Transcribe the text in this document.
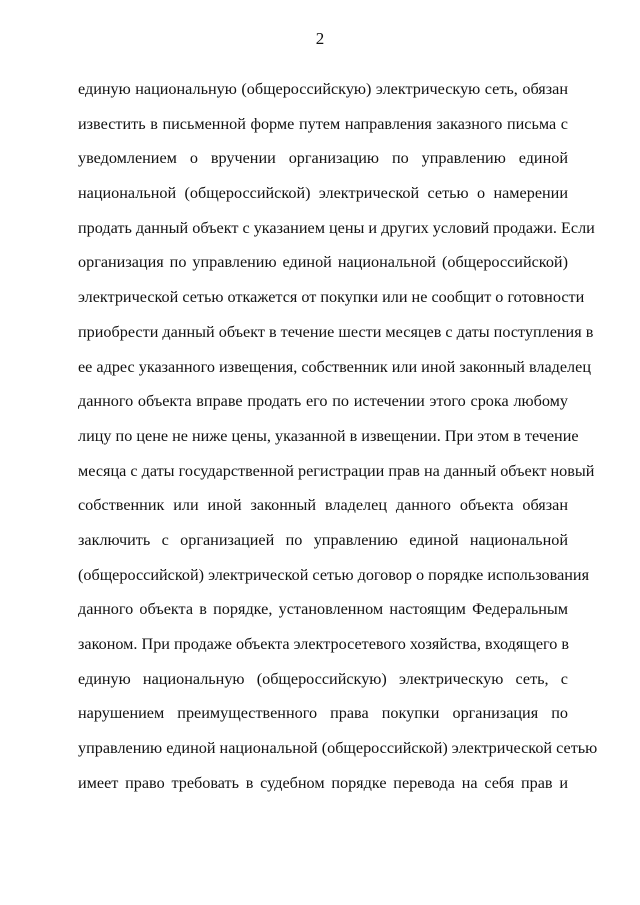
2
единую национальную (общероссийскую) электрическую сеть, обязан
известить в письменной форме путем направления заказного письма с
уведомлением о вручении организацию по управлению единой
национальной (общероссийской) электрической сетью о намерении
продать данный объект с указанием цены и других условий продажи. Если
организация по управлению единой национальной (общероссийской)
электрической сетью откажется от покупки или не сообщит о готовности
приобрести данный объект в течение шести месяцев с даты поступления в
ее адрес указанного извещения, собственник или иной законный владелец
данного объекта вправе продать его по истечении этого срока любому
лицу по цене не ниже цены, указанной в извещении. При этом в течение
месяца с даты государственной регистрации прав на данный объект новый
собственник или иной законный владелец данного объекта обязан
заключить с организацией по управлению единой национальной
(общероссийской) электрической сетью договор о порядке использования
данного объекта в порядке, установленном настоящим Федеральным
законом. При продаже объекта электросетевого хозяйства, входящего в
единую национальную (общероссийскую) электрическую сеть, с
нарушением преимущественного права покупки организация по
управлению единой национальной (общероссийской) электрической сетью
имеет право требовать в судебном порядке перевода на себя прав и
